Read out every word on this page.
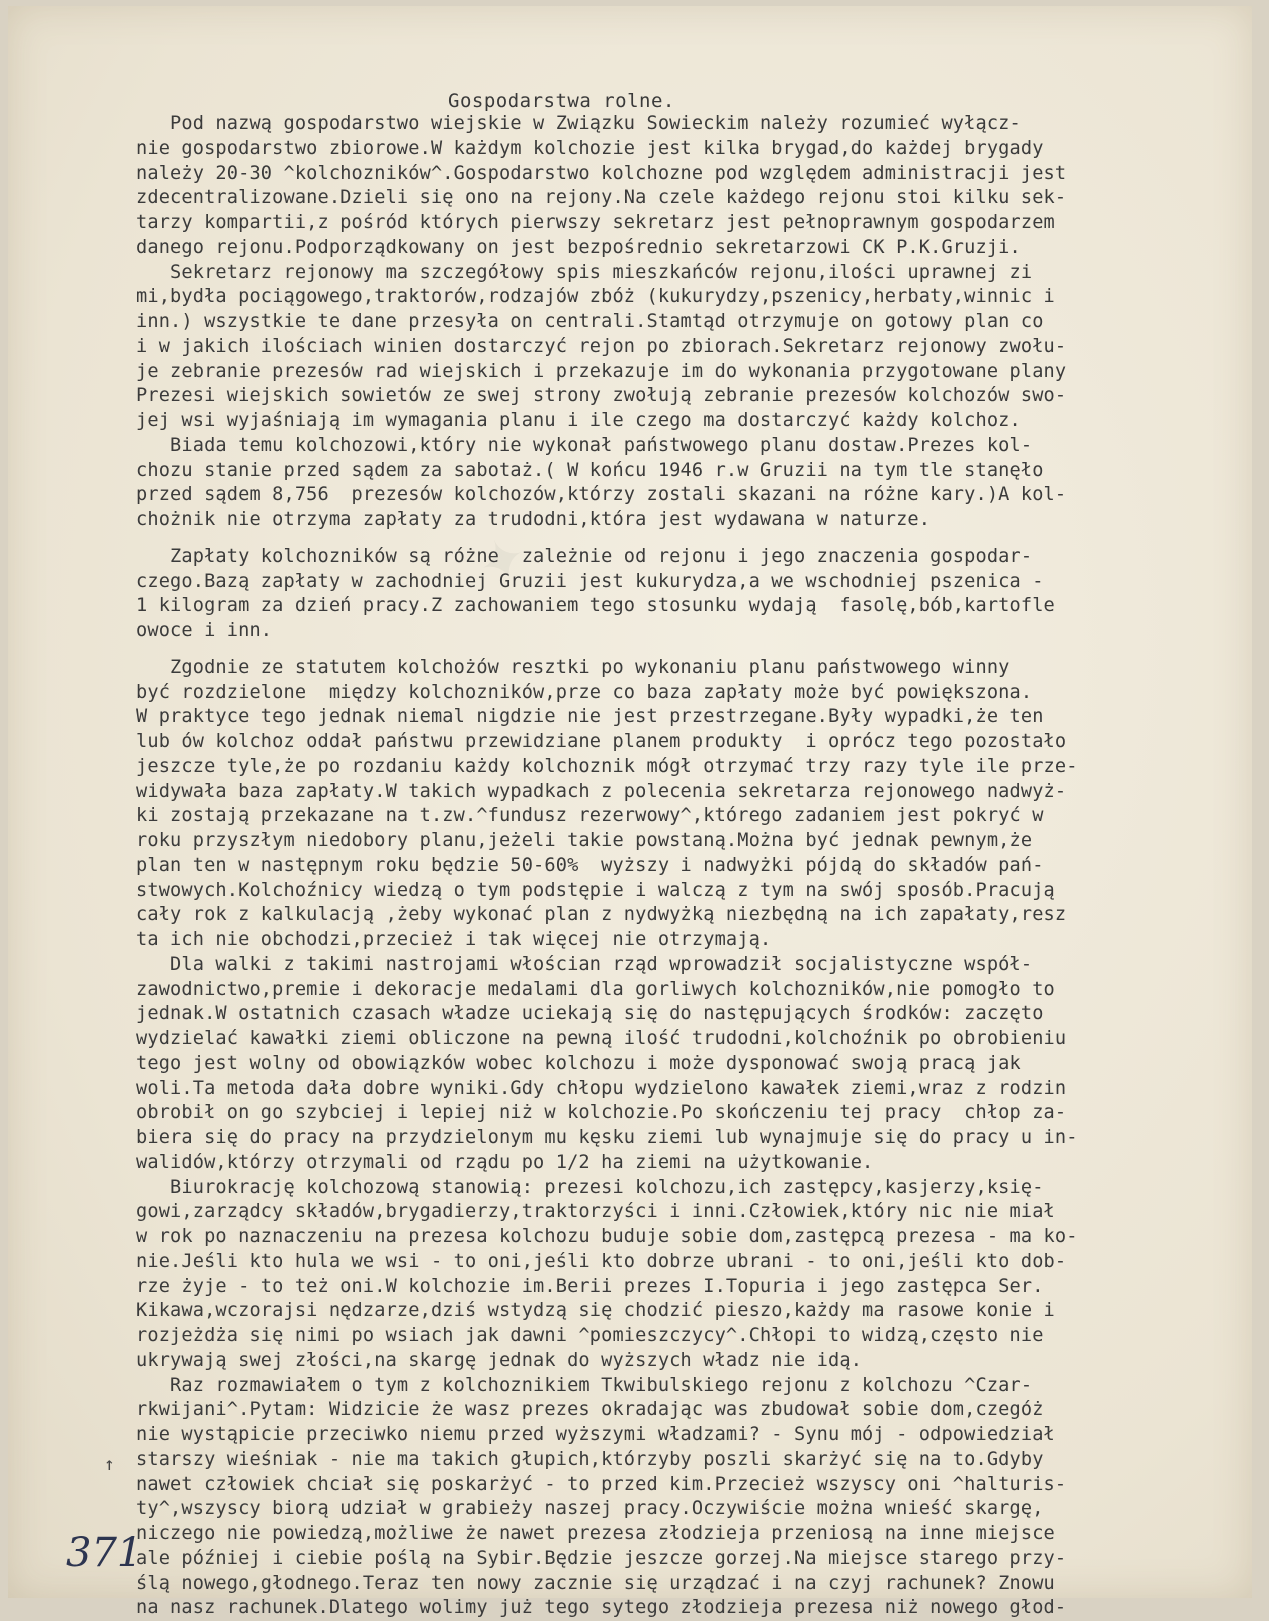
✦
Gospodarstwa rolne.
Pod nazwą gospodarstwo wiejskie w Związku Sowieckim należy rozumieć wyłącz-
nie gospodarstwo zbiorowe.W każdym kolchozie jest kilka brygad,do każdej brygady
należy 20-30 ^kolchozników^.Gospodarstwo kolchozne pod względem administracji jest
zdecentralizowane.Dzieli się ono na rejony.Na czele każdego rejonu stoi kilku sek-
tarzy kompartii,z pośród których pierwszy sekretarz jest pełnoprawnym gospodarzem
danego rejonu.Podporządkowany on jest bezpośrednio sekretarzowi CK P.K.Gruzji.
Sekretarz rejonowy ma szczegółowy spis mieszkańców rejonu,ilości uprawnej zi
mi,bydła pociągowego,traktorów,rodzajów zbóż (kukurydzy,pszenicy,herbaty,winnic i
inn.) wszystkie te dane przesyła on centrali.Stamtąd otrzymuje on gotowy plan co
i w jakich ilościach winien dostarczyć rejon po zbiorach.Sekretarz rejonowy zwołu-
je zebranie prezesów rad wiejskich i przekazuje im do wykonania przygotowane plany
Prezesi wiejskich sowietów ze swej strony zwołują zebranie prezesów kolchozów swo-
jej wsi wyjaśniają im wymagania planu i ile czego ma dostarczyć każdy kolchoz.
Biada temu kolchozowi,który nie wykonał państwowego planu dostaw.Prezes kol-
chozu stanie przed sądem za sabotaż.( W końcu 1946 r.w Gruzii na tym tle stanęło
przed sądem 8,756  prezesów kolchozów,którzy zostali skazani na różne kary.)A kol-
chożnik nie otrzyma zapłaty za trudodni,która jest wydawana w naturze.
Zapłaty kolchozników są różne  zależnie od rejonu i jego znaczenia gospodar-
czego.Bazą zapłaty w zachodniej Gruzii jest kukurydza,a we wschodniej pszenica -
1 kilogram za dzień pracy.Z zachowaniem tego stosunku wydają  fasolę,bób,kartofle
owoce i inn.
Zgodnie ze statutem kolchożów resztki po wykonaniu planu państwowego winny
być rozdzielone  między kolchozników,prze co baza zapłaty może być powiększona.
W praktyce tego jednak niemal nigdzie nie jest przestrzegane.Były wypadki,że ten
lub ów kolchoz oddał państwu przewidziane planem produkty  i oprócz tego pozostało
jeszcze tyle,że po rozdaniu każdy kolchoznik mógł otrzymać trzy razy tyle ile prze-
widywała baza zapłaty.W takich wypadkach z polecenia sekretarza rejonowego nadwyż-
ki zostają przekazane na t.zw.^fundusz rezerwowy^,którego zadaniem jest pokryć w
roku przyszłym niedobory planu,jeżeli takie powstaną.Można być jednak pewnym,że
plan ten w następnym roku będzie 50-60%  wyższy i nadwyżki pójdą do składów pań-
stwowych.Kolchoźnicy wiedzą o tym podstępie i walczą z tym na swój sposób.Pracują
cały rok z kalkulacją ,żeby wykonać plan z nydwyżką niezbędną na ich zapałaty,resz
ta ich nie obchodzi,przecież i tak więcej nie otrzymają.
Dla walki z takimi nastrojami włościan rząd wprowadził socjalistyczne współ-
zawodnictwo,premie i dekoracje medalami dla gorliwych kolchozników,nie pomogło to
jednak.W ostatnich czasach władze uciekają się do następujących środków: zaczęto
wydzielać kawałki ziemi obliczone na pewną ilość trudodni,kolchoźnik po obrobieniu
tego jest wolny od obowiązków wobec kolchozu i może dysponować swoją pracą jak
woli.Ta metoda dała dobre wyniki.Gdy chłopu wydzielono kawałek ziemi,wraz z rodzin
obrobił on go szybciej i lepiej niż w kolchozie.Po skończeniu tej pracy  chłop za-
biera się do pracy na przydzielonym mu kęsku ziemi lub wynajmuje się do pracy u in-
walidów,którzy otrzymali od rządu po 1/2 ha ziemi na użytkowanie.
Biurokrację kolchozową stanowią: prezesi kolchozu,ich zastępcy,kasjerzy,księ-
gowi,zarządcy składów,brygadierzy,traktorzyści i inni.Człowiek,który nic nie miał
w rok po naznaczeniu na prezesa kolchozu buduje sobie dom,zastępcą prezesa - ma ko-
nie.Jeśli kto hula we wsi - to oni,jeśli kto dobrze ubrani - to oni,jeśli kto dob-
rze żyje - to też oni.W kolchozie im.Berii prezes I.Topuria i jego zastępca Ser.
Kikawa,wczorajsi nędzarze,dziś wstydzą się chodzić pieszo,każdy ma rasowe konie i
rozjeżdża się nimi po wsiach jak dawni ^pomieszczycy^.Chłopi to widzą,często nie
ukrywają swej złości,na skargę jednak do wyższych władz nie idą.
Raz rozmawiałem o tym z kolchoznikiem Tkwibulskiego rejonu z kolchozu ^Czar-
rkwijani^.Pytam: Widzicie że wasz prezes okradając was zbudował sobie dom,czegóż
nie wystąpicie przeciwko niemu przed wyższymi władzami? - Synu mój - odpowiedział
starszy wieśniak - nie ma takich głupich,którzyby poszli skarżyć się na to.Gdyby
nawet człowiek chciał się poskarżyć - to przed kim.Przecież wszyscy oni ^halturis-
ty^,wszyscy biorą udział w grabieży naszej pracy.Oczywiście można wnieść skargę,
niczego nie powiedzą,możliwe że nawet prezesa złodzieja przeniosą na inne miejsce
ale później i ciebie poślą na Sybir.Będzie jeszcze gorzej.Na miejsce starego przy-
ślą nowego,głodnego.Teraz ten nowy zacznie się urządzać i na czyj rachunek? Znowu
na nasz rachunek.Dlatego wolimy już tego sytego złodzieja prezesa niż nowego głod-
↑
371
